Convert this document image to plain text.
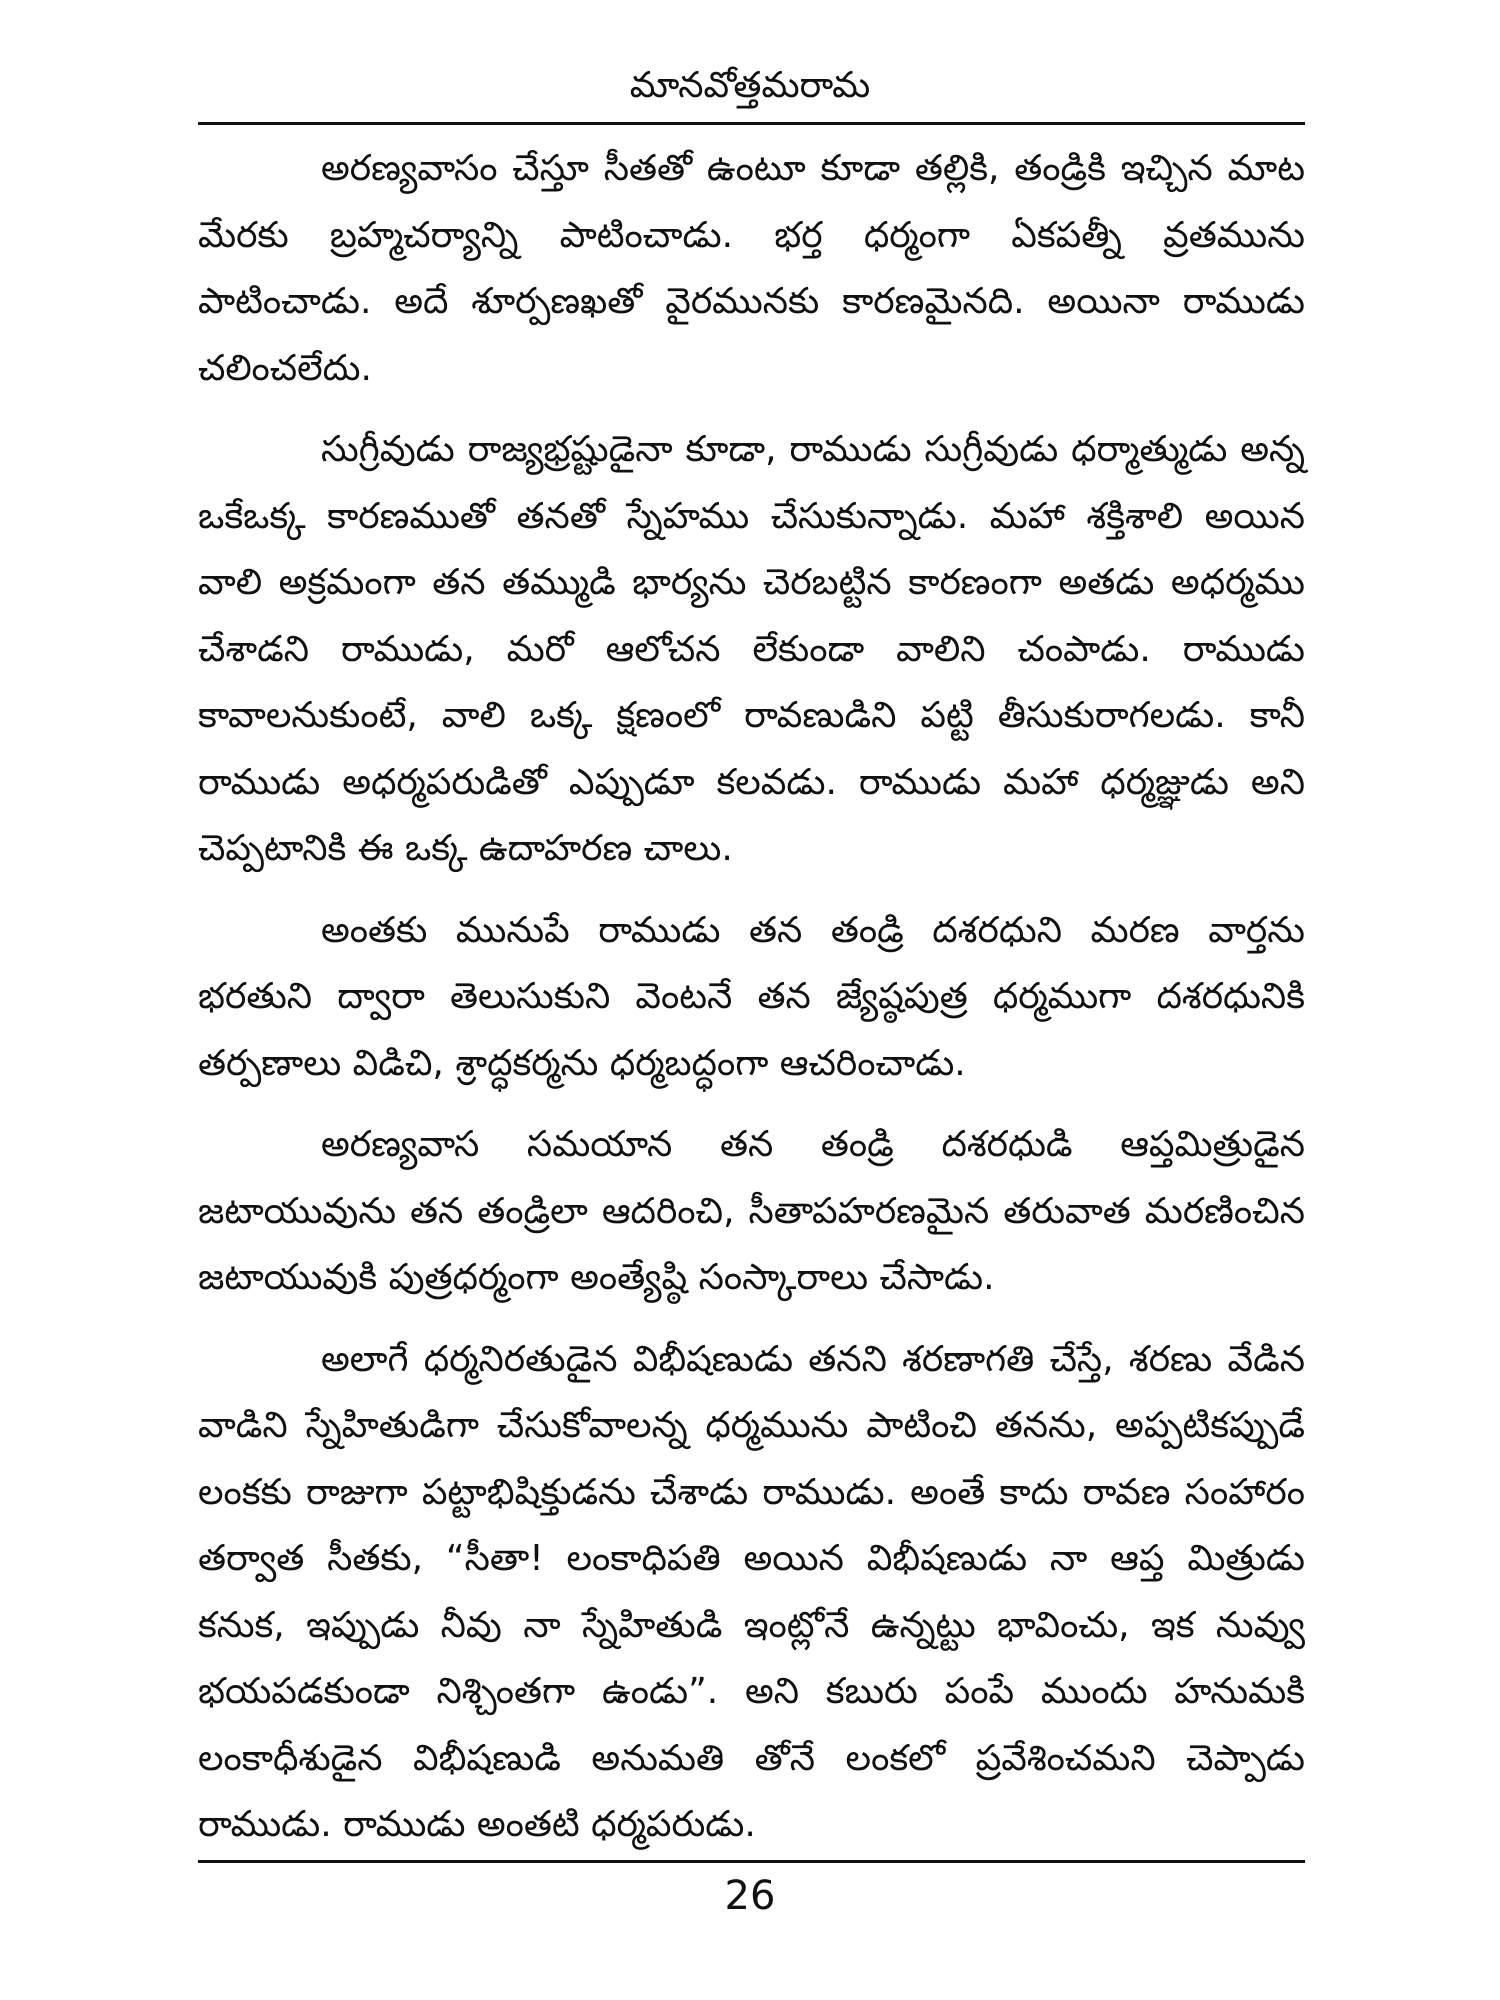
మానవోత్తమరామ

అరణ్యవాసం చేస్తూ సీతతో ఉంటూ కూడా తల్లికి, తండ్రికి ఇచ్చిన మాట మేరకు బ్రహ్మచర్యాన్ని పాటించాడు. భర్త ధర్మంగా ఏకపత్నీ వ్రతమును పాటించాడు. అదే శూర్పణఖతో వైరమునకు కారణమైనది. అయినా రాముడు చలించలేదు.

సుగ్రీవుడు రాజ్యభ్రష్టుడైనా కూడా, రాముడు సుగ్రీవుడు ధర్మాత్ముడు అన్న ఒకేఒక్క కారణముతో తనతో స్నేహము చేసుకున్నాడు. మహా శక్తిశాలి అయిన వాలి అక్రమంగా తన తమ్ముడి భార్యను చెరబట్టిన కారణంగా అతడు అధర్మము చేశాడని రాముడు, మరో ఆలోచన లేకుండా వాలిని చంపాడు. రాముడు కావాలనుకుంటే, వాలి ఒక్క క్షణంలో రావణుడిని పట్టి తీసుకురాగలడు. కానీ రాముడు అధర్మపరుడితో ఎప్పుడూ కలవడు. రాముడు మహా ధర్మజ్ఞుడు అని చెప్పటానికి ఈ ఒక్క ఉదాహరణ చాలు.

అంతకు మునుపే రాముడు తన తండ్రి దశరధుని మరణ వార్తను భరతుని ద్వారా తెలుసుకుని వెంటనే తన జ్యేష్ఠపుత్ర ధర్మముగా దశరధునికి తర్పణాలు విడిచి, శ్రాద్ధకర్మను ధర్మబద్ధంగా ఆచరించాడు.

అరణ్యవాస సమయాన తన తండ్రి దశరధుడి ఆప్తమిత్రుడైన జటాయువును తన తండ్రిలా ఆదరించి, సీతాపహరణమైన తరువాత మరణించిన జటాయువుకి పుత్రధర్మంగా అంత్యేష్ఠి సంస్కారాలు చేసాడు.

అలాగే ధర్మనిరతుడైన విభీషణుడు తనని శరణాగతి చేస్తే, శరణు వేడిన వాడిని స్నేహితుడిగా చేసుకోవాలన్న ధర్మమును పాటించి తనను, అప్పటికప్పుడే లంకకు రాజుగా పట్టాభిషిక్తుడను చేశాడు రాముడు. అంతే కాదు రావణ సంహారం తర్వాత సీతకు, “సీతా! లంకాధిపతి అయిన విభీషణుడు నా ఆప్త మిత్రుడు కనుక, ఇప్పుడు నీవు నా స్నేహితుడి ఇంట్లోనే ఉన్నట్టు భావించు, ఇక నువ్వు భయపడకుండా నిశ్చింతగా ఉండు”. అని కబురు పంపే ముందు హనుమకి లంకాధీశుడైన విభీషణుడి అనుమతి తోనే లంకలో ప్రవేశించమని చెప్పాడు రాముడు. రాముడు అంతటి ధర్మపరుడు.

26
